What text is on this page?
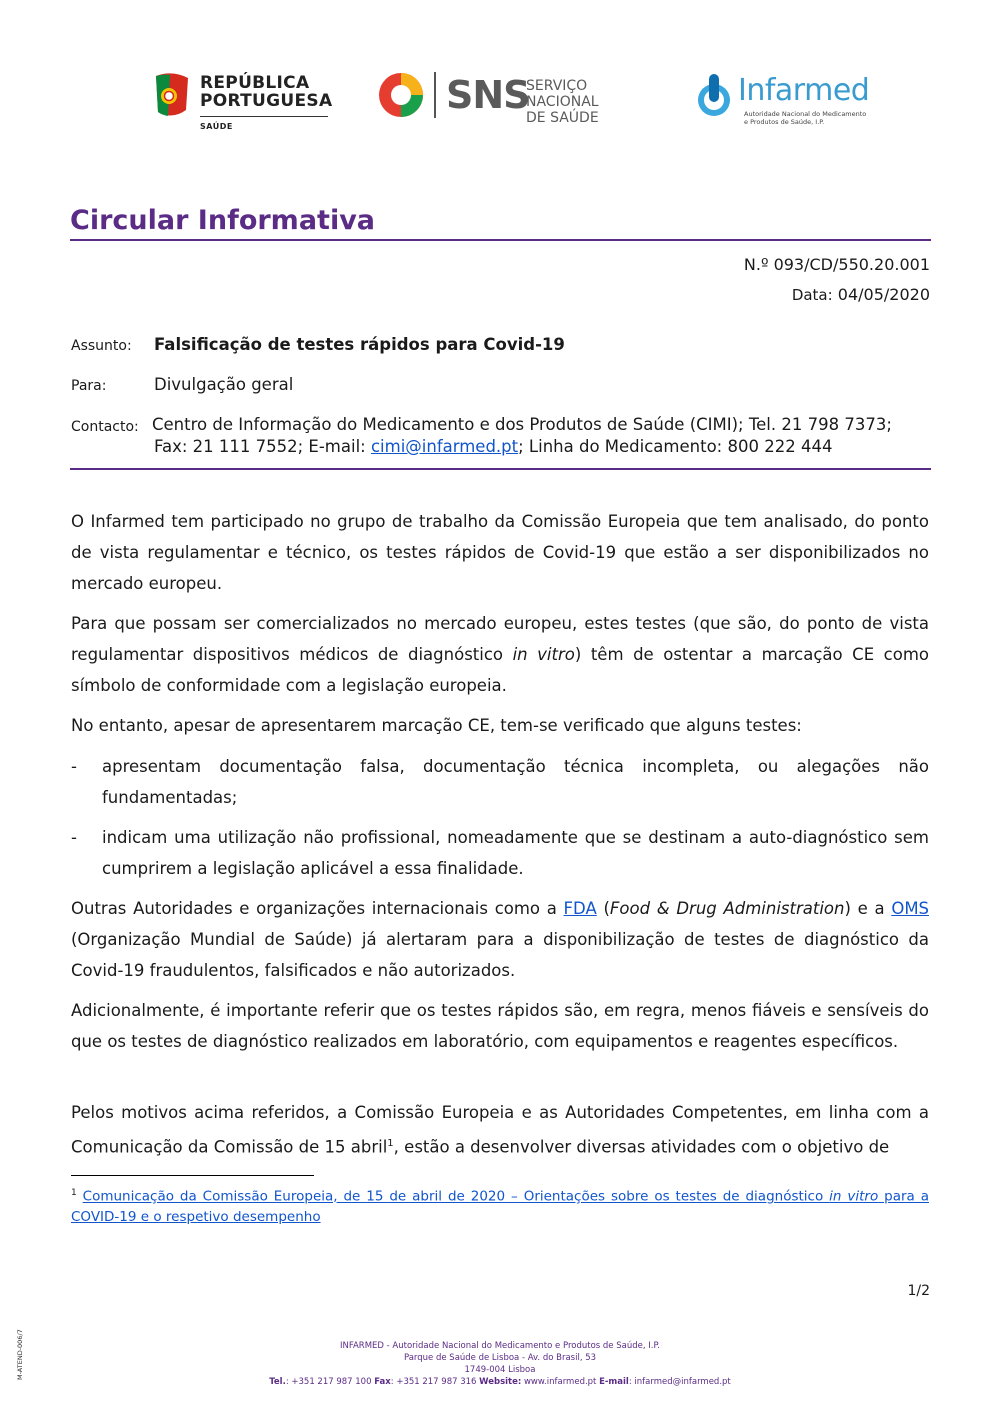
REPÚBLICA
PORTUGUESA
SAÚDE
SNS
SERVIÇO NACIONAL
DE SAÚDE
Infarmed
Autoridade Nacional do Medicamento
e Produtos de Saúde, I.P.
Circular Informativa
N.º 093/CD/550.20.001
Data: 04/05/2020
Assunto: Falsificação de testes rápidos para Covid-19
Para:	Divulgação geral
Contacto: Centro de Informação do Medicamento e dos Produtos de Saúde (CIMI); Tel. 21 798 7373;
Fax: 21 111 7552; E-mail: cimi@infarmed.pt; Linha do Medicamento: 800 222 444

O Infarmed tem participado no grupo de trabalho da Comissão Europeia que tem analisado, do ponto de vista regulamentar e técnico, os testes rápidos de Covid-19 que estão a ser disponibilizados no mercado europeu.

Para que possam ser comercializados no mercado europeu, estes testes (que são, do ponto de vista regulamentar dispositivos médicos de diagnóstico in vitro) têm de ostentar a marcação CE como símbolo de conformidade com a legislação europeia.

No entanto, apesar de apresentarem marcação CE, tem-se verificado que alguns testes:

- apresentam documentação falsa, documentação técnica incompleta, ou alegações não fundamentadas;
- indicam uma utilização não profissional, nomeadamente que se destinam a auto-diagnóstico sem cumprirem a legislação aplicável a essa finalidade.

Outras Autoridades e organizações internacionais como a FDA (Food & Drug Administration) e a OMS (Organização Mundial de Saúde) já alertaram para a disponibilização de testes de diagnóstico da Covid-19 fraudulentos, falsificados e não autorizados.

Adicionalmente, é importante referir que os testes rápidos são, em regra, menos fiáveis e sensíveis do que os testes de diagnóstico realizados em laboratório, com equipamentos e reagentes específicos.

Pelos motivos acima referidos, a Comissão Europeia e as Autoridades Competentes, em linha com a Comunicação da Comissão de 15 abril$^1$, estão a desenvolver diversas atividades com o objetivo de

$^1$ Comunicação da Comissão Europeia, de 15 de abril de 2020 – Orientações sobre os testes de diagnóstico in vitro para a COVID-19 e o respetivo desempenho
1/2
M-ATEND-006/7	INFARMED - Autoridade Nacional do Medicamento e Produtos de Saúde, I.P.
Parque de Saúde de Lisboa - Av. do Brasil, 53
1749-004 Lisboa
Tel.: +351 217 987 100 Fax: +351 217 987 316 Website: www.infarmed.pt E-mail: infarmed@infarmed.pt
